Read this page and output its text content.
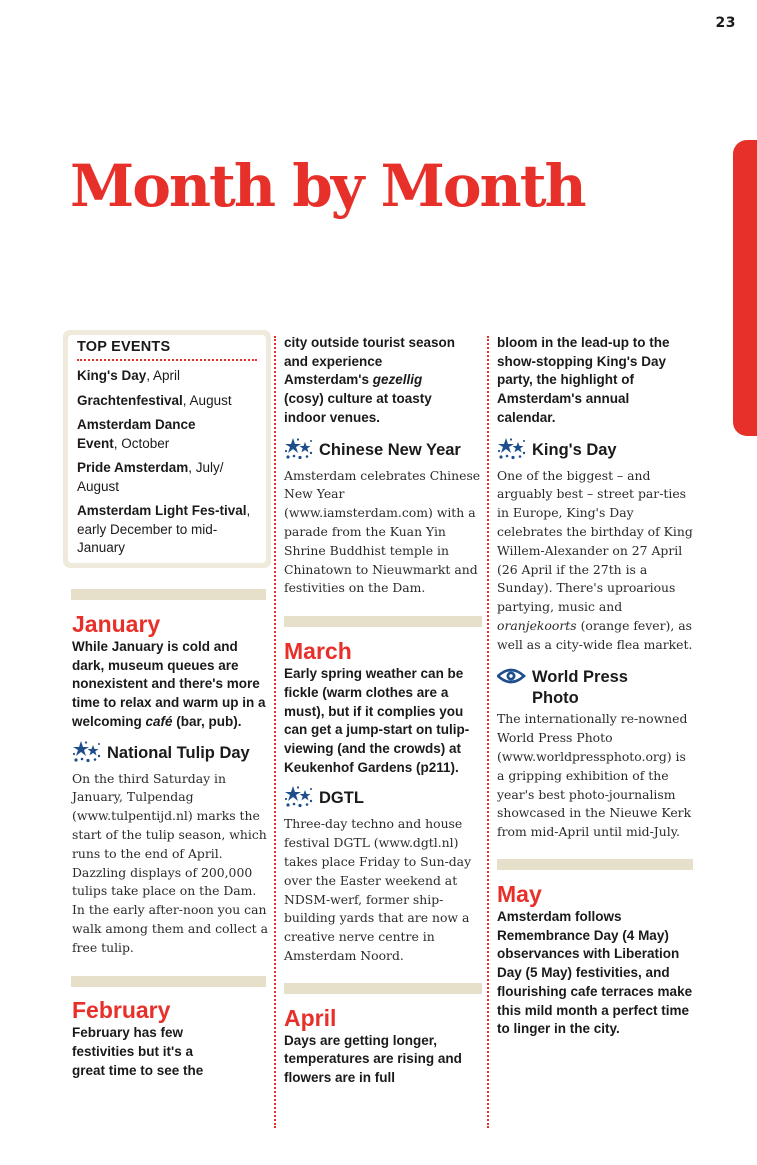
23
Month by Month
TOP EVENTS
King's Day, April
Grachtenfestival, August
Amsterdam Dance Event, October
Pride Amsterdam, July/ August
Amsterdam Light Fes-tival, early December to mid-January
January

While January is cold and dark, museum queues are nonexistent and there's more time to relax and warm up in a welcoming café (bar, pub).

National Tulip Day

On the third Saturday in January, Tulpendag (www.tulpentijd.nl) marks the start of the tulip season, which runs to the end of April. Dazzling displays of 200,000 tulips take place on the Dam. In the early after-noon you can walk among them and collect a free tulip.

February

February has few festivities but it's a great time to see the

city outside tourist season and experience Amsterdam's gezellig (cosy) culture at toasty indoor venues.

Chinese New Year

Amsterdam celebrates Chinese New Year (www.iamsterdam.com) with a parade from the Kuan Yin Shrine Buddhist temple in Chinatown to Nieuwmarkt and festivities on the Dam.

March

Early spring weather can be fickle (warm clothes are a must), but if it complies you can get a jump-start on tulip-viewing (and the crowds) at Keukenhof Gardens (p211).

DGTL

Three-day techno and house festival DGTL (www.dgtl.nl) takes place Friday to Sun-day over the Easter weekend at NDSM-werf, former ship-building yards that are now a creative nerve centre in Amsterdam Noord.

April

Days are getting longer, temperatures are rising and flowers are in full

bloom in the lead-up to the show-stopping King's Day party, the highlight of Amsterdam's annual calendar.

King's Day

One of the biggest – and arguably best – street par-ties in Europe, King's Day celebrates the birthday of King Willem-Alexander on 27 April (26 April if the 27th is a Sunday). There's uproarious partying, music and oranjekoorts (orange fever), as well as a city-wide flea market.

World Press Photo

The internationally re-nowned World Press Photo (www.worldpressphoto.org) is a gripping exhibition of the year's best photo-journalism showcased in the Nieuwe Kerk from mid-April until mid-July.

May

Amsterdam follows Remembrance Day (4 May) observances with Liberation Day (5 May) festivities, and flourishing cafe terraces make this mild month a perfect time to linger in the city.
